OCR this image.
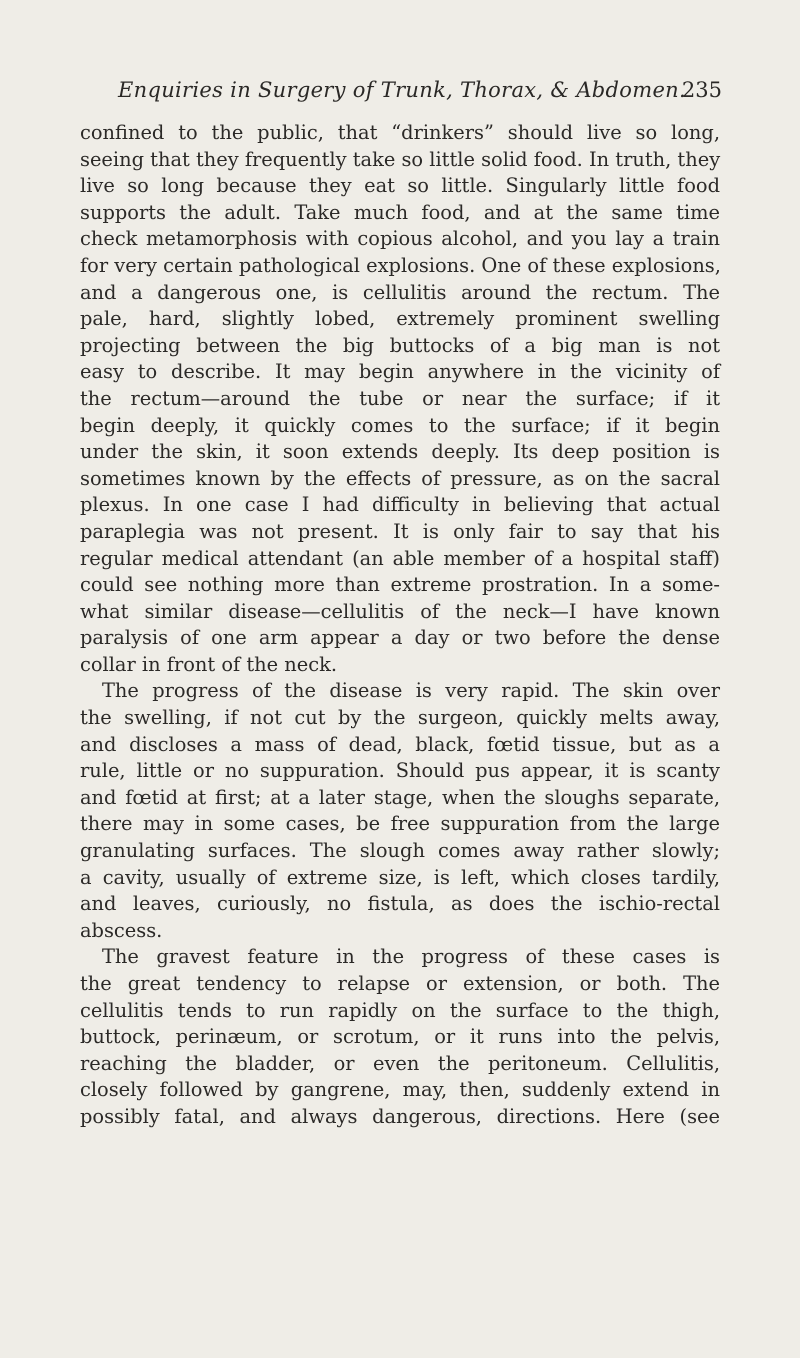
Enquiries in Surgery of Trunk, Thorax, & Abdomen.
235
confined to the public, that “drinkers” should live so long,
seeing that they frequently take so little solid food. In truth, they
live so long because they eat so little. Singularly little food
supports the adult. Take much food, and at the same time
check metamorphosis with copious alcohol, and you lay a train
for very certain pathological explosions. One of these explosions,
and a dangerous one, is cellulitis around the rectum. The
pale, hard, slightly lobed, extremely prominent swelling
projecting between the big buttocks of a big man is not
easy to describe. It may begin anywhere in the vicinity of
the rectum—around the tube or near the surface; if it
begin deeply, it quickly comes to the surface; if it begin
under the skin, it soon extends deeply. Its deep position is
sometimes known by the effects of pressure, as on the sacral
plexus. In one case I had difficulty in believing that actual
paraplegia was not present. It is only fair to say that his
regular medical attendant (an able member of a hospital staff)
could see nothing more than extreme prostration. In a some-
what similar disease—cellulitis of the neck—I have known
paralysis of one arm appear a day or two before the dense
collar in front of the neck.
The progress of the disease is very rapid. The skin over
the swelling, if not cut by the surgeon, quickly melts away,
and discloses a mass of dead, black, fœtid tissue, but as a
rule, little or no suppuration. Should pus appear, it is scanty
and fœtid at first; at a later stage, when the sloughs separate,
there may in some cases, be free suppuration from the large
granulating surfaces. The slough comes away rather slowly;
a cavity, usually of extreme size, is left, which closes tardily,
and leaves, curiously, no fistula, as does the ischio-rectal
abscess.
The gravest feature in the progress of these cases is
the great tendency to relapse or extension, or both. The
cellulitis tends to run rapidly on the surface to the thigh,
buttock, perinæum, or scrotum, or it runs into the pelvis,
reaching the bladder, or even the peritoneum. Cellulitis,
closely followed by gangrene, may, then, suddenly extend in
possibly fatal, and always dangerous, directions. Here (see
